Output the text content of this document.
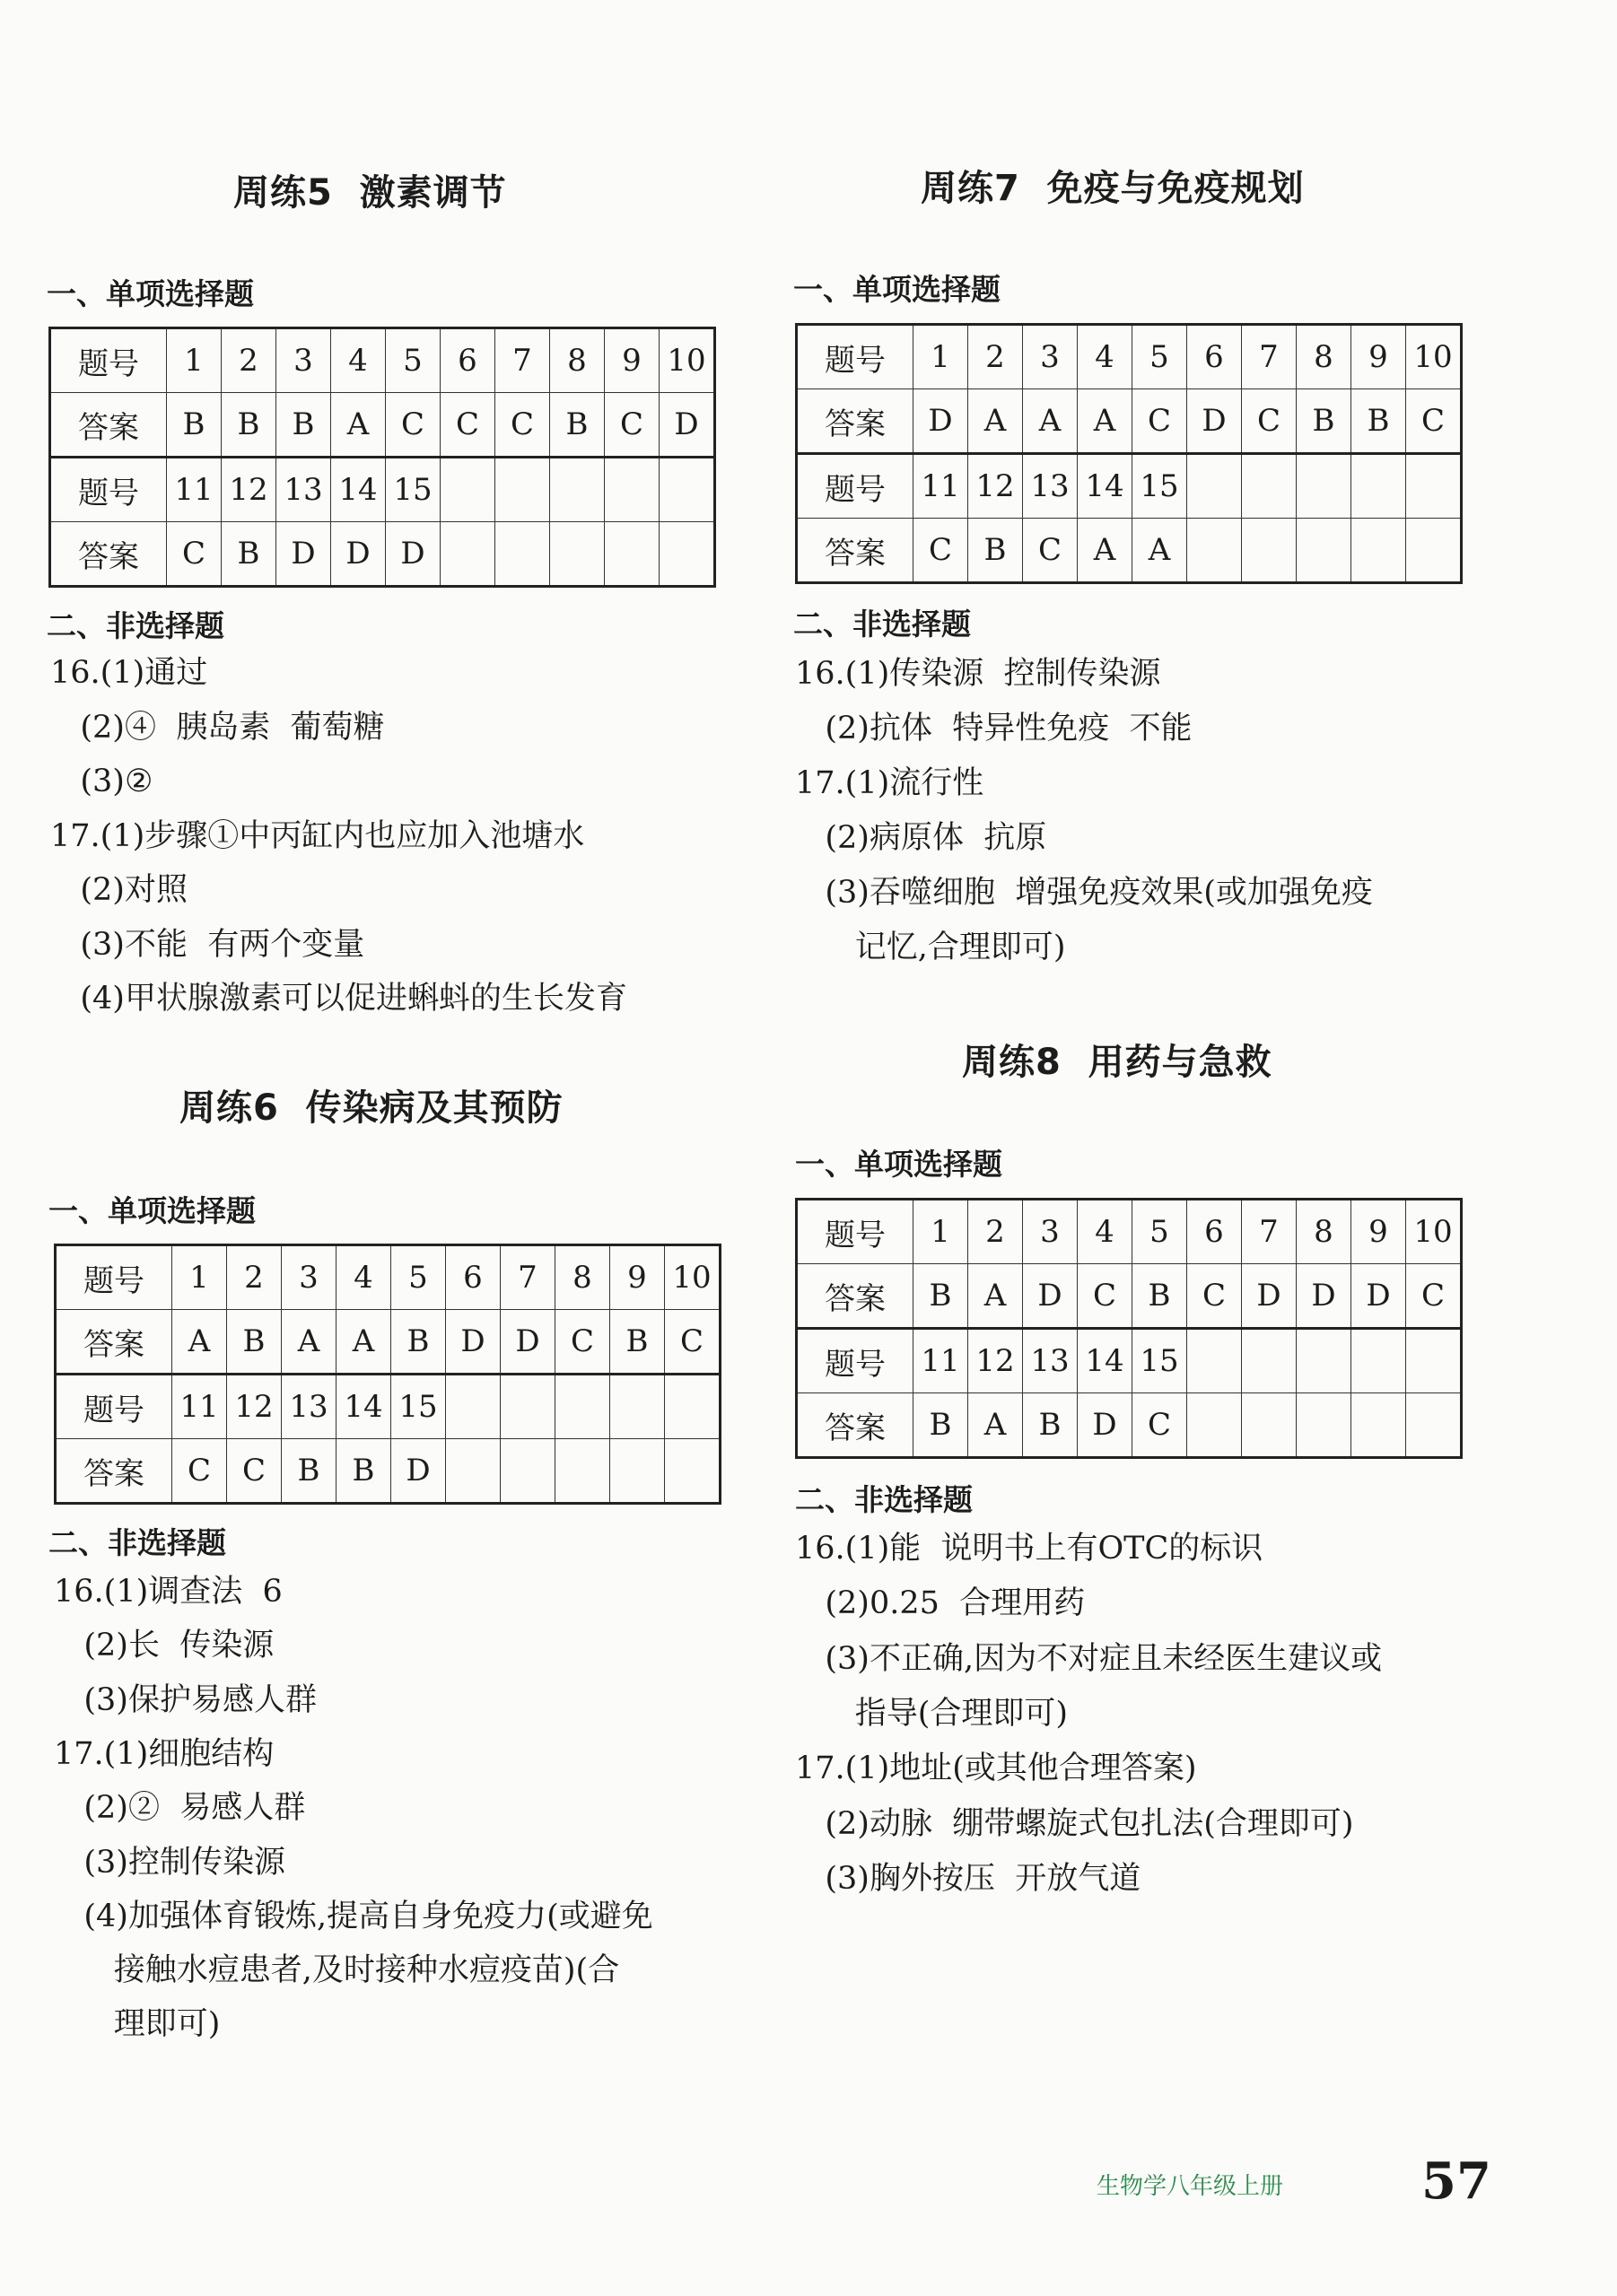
周练5  激素调节
一、单项选择题
题号	1	2	3	4	5	6	7	8	9	10
答案	B	B	B	A	C	C	C	B	C	D
题号	11	12	13	14	15					
答案	C	B	D	D	D					
二、非选择题
16.(1)通过
(2)④  胰岛素  葡萄糖
(3)②
17.(1)步骤①中丙缸内也应加入池塘水
(2)对照
(3)不能  有两个变量
(4)甲状腺激素可以促进蝌蚪的生长发育
周练6  传染病及其预防
一、单项选择题
题号	1	2	3	4	5	6	7	8	9	10
答案	A	B	A	A	B	D	D	C	B	C
题号	11	12	13	14	15					
答案	C	C	B	B	D					
二、非选择题
16.(1)调查法  6
(2)长  传染源
(3)保护易感人群
17.(1)细胞结构
(2)②  易感人群
(3)控制传染源
(4)加强体育锻炼,提高自身免疫力(或避免
接触水痘患者,及时接种水痘疫苗)(合
理即可)
周练7  免疫与免疫规划
一、单项选择题
题号	1	2	3	4	5	6	7	8	9	10
答案	D	A	A	A	C	D	C	B	B	C
题号	11	12	13	14	15					
答案	C	B	C	A	A					
二、非选择题
16.(1)传染源  控制传染源
(2)抗体  特异性免疫  不能
17.(1)流行性
(2)病原体  抗原
(3)吞噬细胞  增强免疫效果(或加强免疫
记忆,合理即可)
周练8  用药与急救
一、单项选择题
题号	1	2	3	4	5	6	7	8	9	10
答案	B	A	D	C	B	C	D	D	D	C
题号	11	12	13	14	15					
答案	B	A	B	D	C					
二、非选择题
16.(1)能  说明书上有OTC的标识
(2)0.25  合理用药
(3)不正确,因为不对症且未经医生建议或
指导(合理即可)
17.(1)地址(或其他合理答案)
(2)动脉  绷带螺旋式包扎法(合理即可)
(3)胸外按压  开放气道
生物学八年级上册	57
